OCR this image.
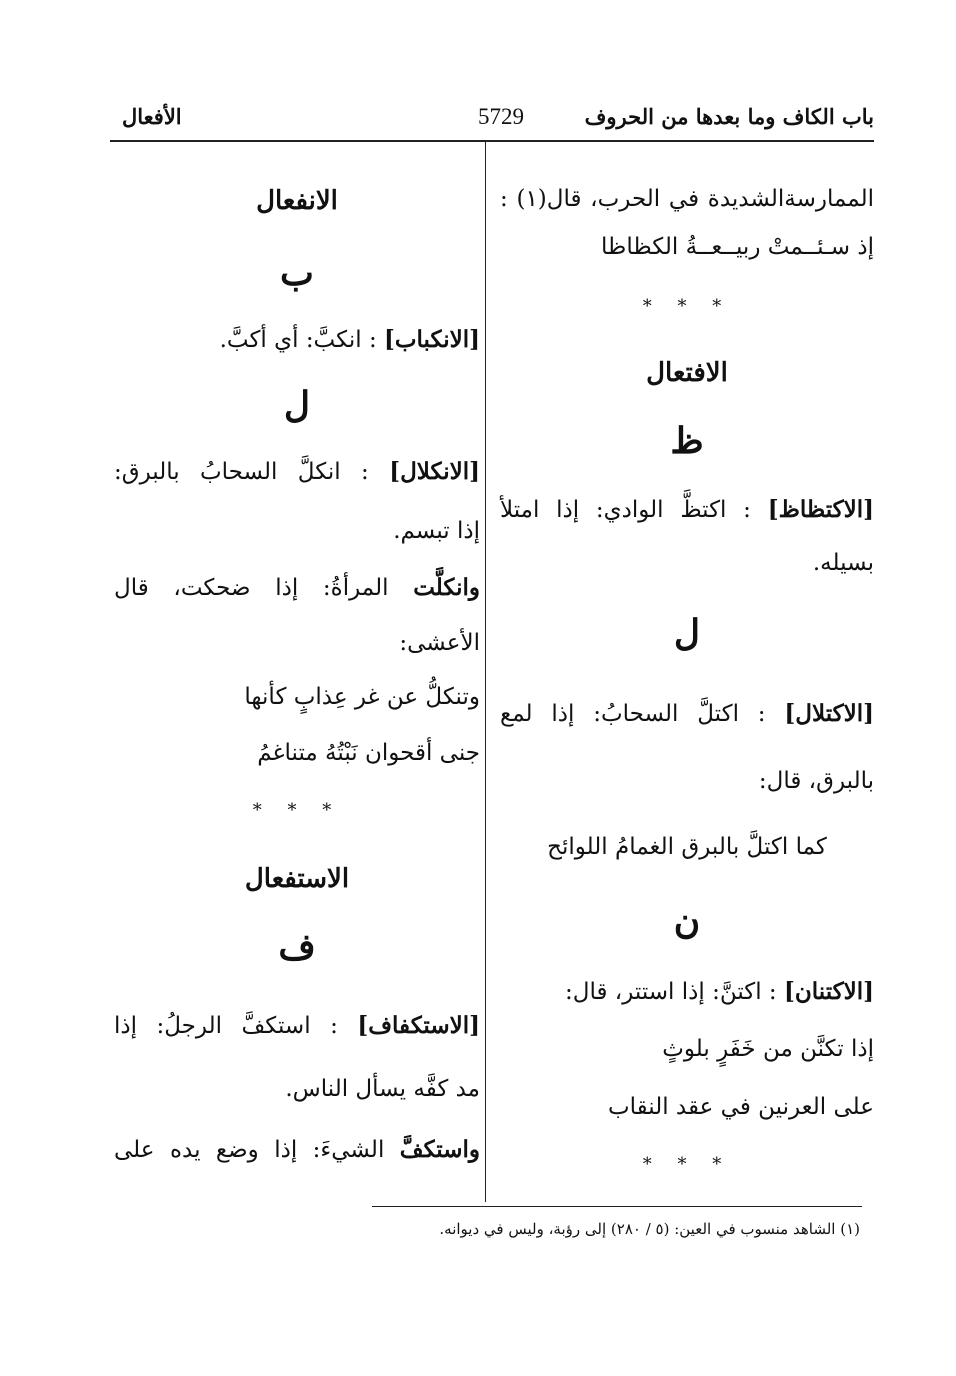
باب الكاف وما بعدها من الحروف
5729
الأفعال
الممارسةالشديدة في الحرب، قال(١) :
إذ سـئــمتْ ربيــعــةُ الكظاظا
* * *
الافتعال
ظ
[الاكتظاظ] : اكتظَّ الوادي: إذا امتلأ
بسيله.
ل
[الاكتلال] : اكتلَّ السحابُ: إذا لمع
بالبرق، قال:
كما اكتلَّ بالبرق الغمامُ اللوائح
ن
[الاكتنان] : اكتنَّ: إذا استتر، قال:
إذا تكنَّن من خَفَرٍ بلوثٍ
على العرنين في عقد النقاب
* * *
الانفعال
ب
[الانكباب] : انكبَّ: أي أكبَّ.
ل
[الانكلال] : انكلَّ السحابُ بالبرق:
إذا تبسم.
وانكلَّت المرأةُ: إذا ضحكت، قال
الأعشى:
وتنكلُّ عن غر عِذابٍ كأنها
جنى أقحوان نَبْتُهُ متناغمُ
* * *
الاستفعال
ف
[الاستكفاف] : استكفَّ الرجلُ: إذا
مد كفَّه يسأل الناس.
واستكفَّ الشيءَ: إذا وضع يده على
(١) الشاهد منسوب في العين: (٥ / ٢٨٠) إلى رؤبة، وليس في ديوانه.
